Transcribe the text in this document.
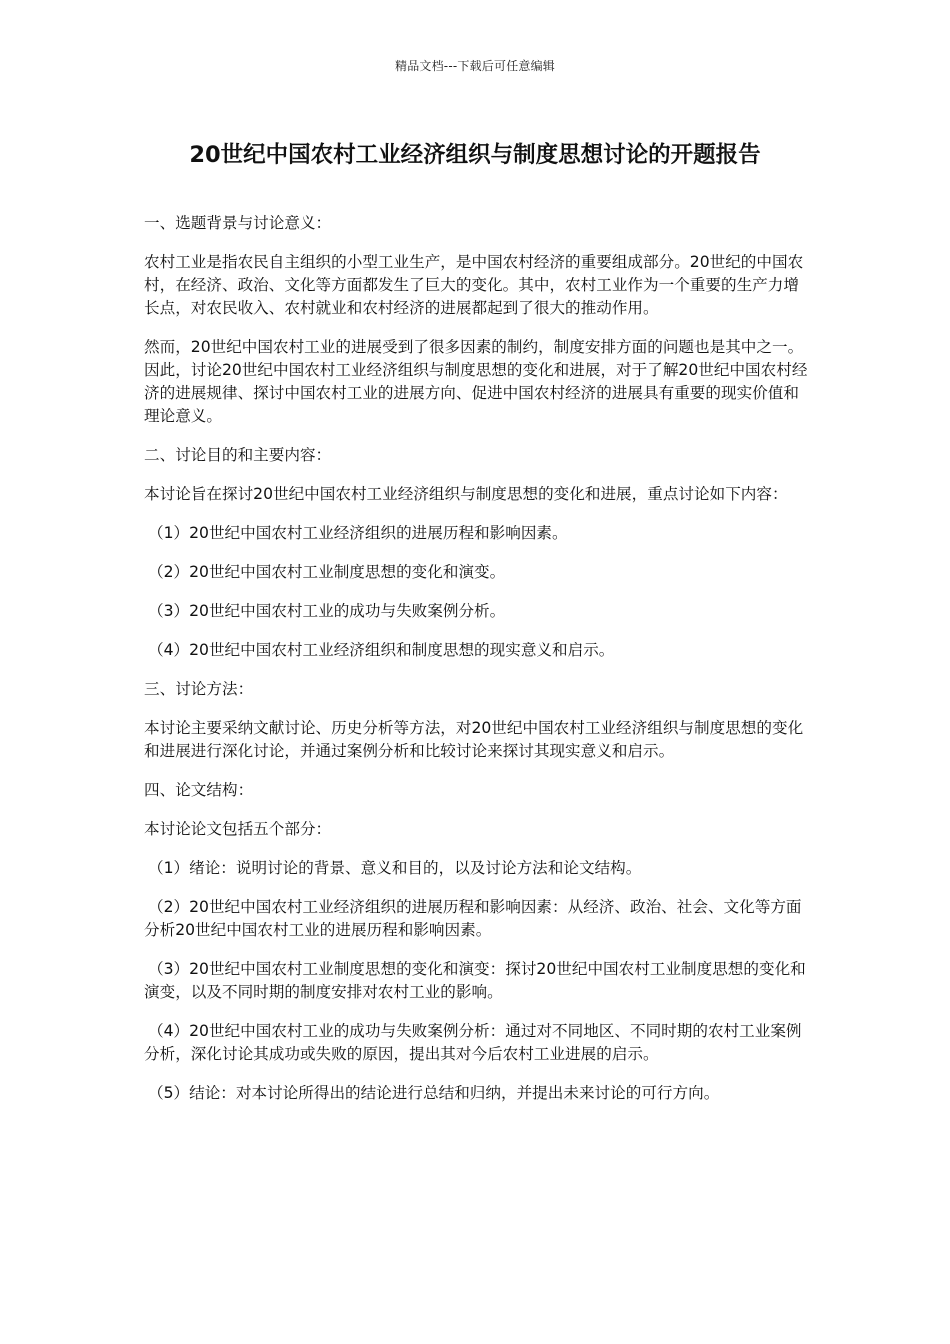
精品文档---下载后可任意编辑
20世纪中国农村工业经济组织与制度思想讨论的开题报告

一、选题背景与讨论意义：

农村工业是指农民自主组织的小型工业生产，是中国农村经济的重要组成部分。20世纪的中国农村，在经济、政治、文化等方面都发生了巨大的变化。其中，农村工业作为一个重要的生产力增长点，对农民收入、农村就业和农村经济的进展都起到了很大的推动作用。

然而，20世纪中国农村工业的进展受到了很多因素的制约，制度安排方面的问题也是其中之一。因此，讨论20世纪中国农村工业经济组织与制度思想的变化和进展，对于了解20世纪中国农村经济的进展规律、探讨中国农村工业的进展方向、促进中国农村经济的进展具有重要的现实价值和理论意义。

二、讨论目的和主要内容：

本讨论旨在探讨20世纪中国农村工业经济组织与制度思想的变化和进展，重点讨论如下内容：

（1）20世纪中国农村工业经济组织的进展历程和影响因素。

（2）20世纪中国农村工业制度思想的变化和演变。

（3）20世纪中国农村工业的成功与失败案例分析。

（4）20世纪中国农村工业经济组织和制度思想的现实意义和启示。

三、讨论方法：

本讨论主要采纳文献讨论、历史分析等方法，对20世纪中国农村工业经济组织与制度思想的变化和进展进行深化讨论，并通过案例分析和比较讨论来探讨其现实意义和启示。

四、论文结构：

本讨论论文包括五个部分：

（1）绪论：说明讨论的背景、意义和目的，以及讨论方法和论文结构。

（2）20世纪中国农村工业经济组织的进展历程和影响因素：从经济、政治、社会、文化等方面分析20世纪中国农村工业的进展历程和影响因素。

（3）20世纪中国农村工业制度思想的变化和演变：探讨20世纪中国农村工业制度思想的变化和演变，以及不同时期的制度安排对农村工业的影响。

（4）20世纪中国农村工业的成功与失败案例分析：通过对不同地区、不同时期的农村工业案例分析，深化讨论其成功或失败的原因，提出其对今后农村工业进展的启示。

（5）结论：对本讨论所得出的结论进行总结和归纳，并提出未来讨论的可行方向。
